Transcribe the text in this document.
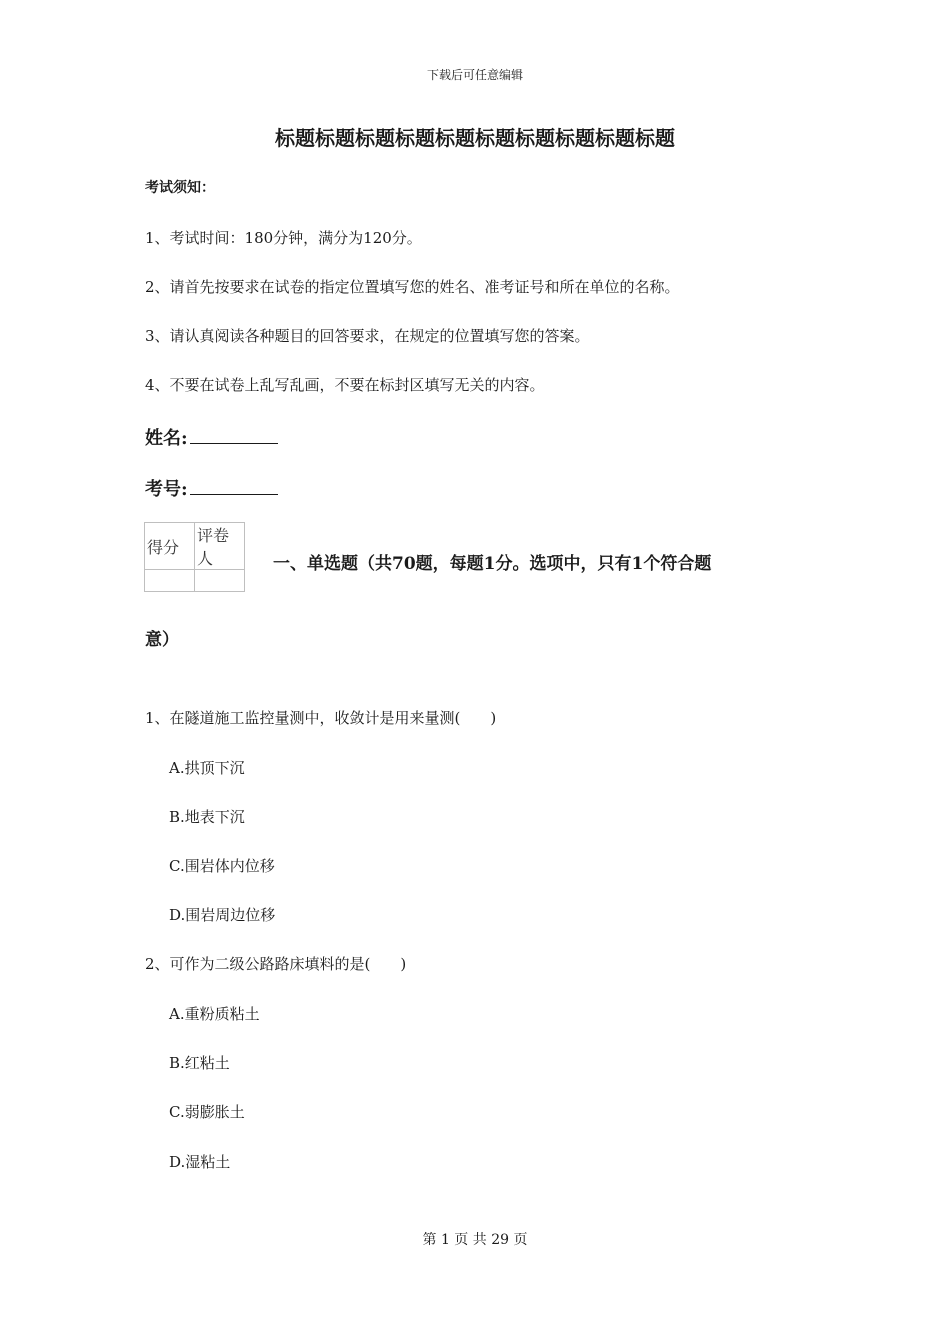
下载后可任意编辑
标题标题标题标题标题标题标题标题标题标题
考试须知：
1、考试时间：180分钟，满分为120分。
2、请首先按要求在试卷的指定位置填写您的姓名、准考证号和所在单位的名称。
3、请认真阅读各种题目的回答要求，在规定的位置填写您的答案。
4、不要在试卷上乱写乱画，不要在标封区填写无关的内容。
姓名:
考号:
得分	评卷人
		一、单选题（共70题，每题1分。选项中，只有1个符合题
意）
1、在隧道施工监控量测中，收敛计是用来量测(　　)
A.拱顶下沉
B.地表下沉
C.围岩体内位移
D.围岩周边位移
2、可作为二级公路路床填料的是(　　)
A.重粉质粘土
B.红粘土
C.弱膨胀土
D.湿粘土
第 1 页 共 29 页
